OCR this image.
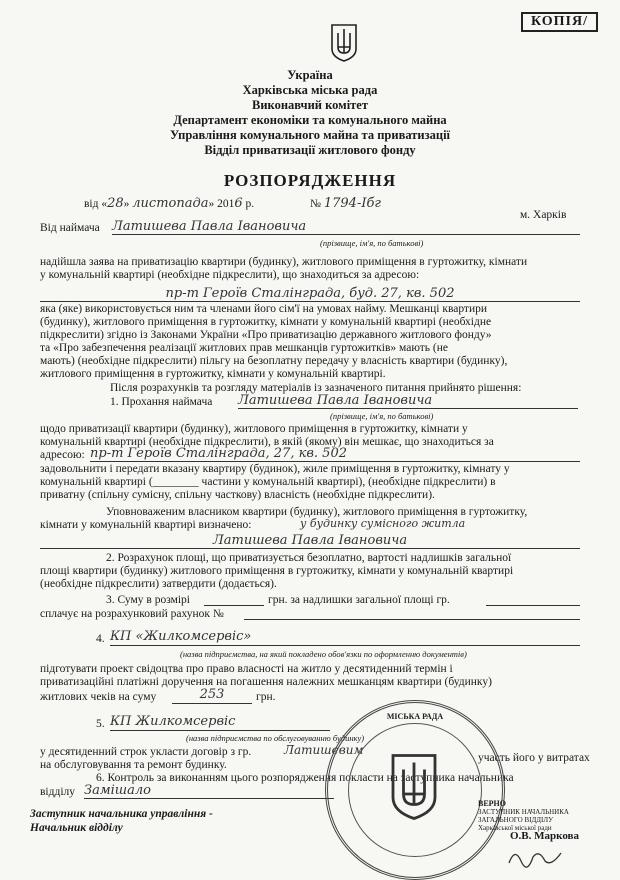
КОПІЯ/
Україна
Харківська міська рада
Виконавчий комітет
Департамент економіки та комунального майна
Управління комунального майна та приватизації
Відділ приватизації житлового фонду
РОЗПОРЯДЖЕННЯ
від «28» листопада» 2016 р.	№ 1794-Ібг
м. Харків
Від наймача Латишева Павла Івановича
(прізвище, ім'я, по батькові)
надійшла заява на приватизацію квартири (будинку), житлового приміщення в гуртожитку, кімнати
у комунальній квартирі (необхідне підкреслити), що знаходиться за адресою:
пр-т Героїв Сталінграда, буд. 27, кв. 502
яка (яке) використовується ним та членами його сім'ї на умовах найму. Мешканці квартири
(будинку), житлового приміщення в гуртожитку, кімнати у комунальній квартирі (необхідне
підкреслити) згідно із Законами України «Про приватизацію державного житлового фонду»
та «Про забезпечення реалізації житлових прав мешканців гуртожитків» мають (не
мають) (необхідне підкреслити) пільгу на безоплатну передачу у власність квартири (будинку),
житлового приміщення в гуртожитку, кімнати у комунальній квартирі.
Після розрахунків та розгляду матеріалів із зазначеного питання прийнято рішення:
1. Прохання наймача Латишева Павла Івановича
(прізвище, ім'я, по батькові)
щодо приватизації квартири (будинку), житлового приміщення в гуртожитку, кімнати у
комунальній квартирі (необхідне підкреслити), в якій (якому) він мешкає, що знаходиться за
адресою: пр-т Героїв Сталінграда, 27, кв. 502
задовольнити і передати вказану квартиру (будинок), жиле приміщення в гуртожитку, кімнату у
комунальній квартирі (________ частини у комунальній квартирі), (необхідне підкреслити) в
приватну (спільну сумісну, спільну часткову) власність (необхідне підкреслити).
Уповноваженим власником квартири (будинку), житлового приміщення в гуртожитку,
кімнати у комунальній квартирі визначено:	у будинку сумісного житла
Латишева Павла Івановича
2. Розрахунок площі, що приватизується безоплатно, вартості надлишків загальної
площі квартири (будинку) житлового приміщення в гуртожитку, кімнати у комунальній квартирі
(необхідне підкреслити) затвердити (додається).
3. Суму в розмірі	грн. за надлишки загальної площі гр.
сплачує на розрахунковий рахунок №
4. КП «Жилкомсервіс»
(назва підприємства, на який покладено обов'язки по оформленню документів)
підготувати проект свідоцтва про право власності на житло у десятиденний термін і
приватизаційні платіжні доручення на погашення належних мешканцям квартири (будинку)
житлових чеків на суму	253	грн.
5. КП Жилкомсервіс
(назва підприємства по обслуговуванню будинку)
у десятиденний строк укласти договір з гр.	Латишевим
участь його у витратах
на обслуговування та ремонт будинку.
6. Контроль за виконанням цього розпорядження покласти на заступника начальника
відділу Замішало
Заступник начальника управління -
Начальник відділу
МІСЬКА РАДА
ВЕРНО
ЗАСТУПНИК НАЧАЛЬНИКА
ЗАГАЛЬНОГО ВІДДІЛУ
Харківської міської ради
О.В. Маркова
